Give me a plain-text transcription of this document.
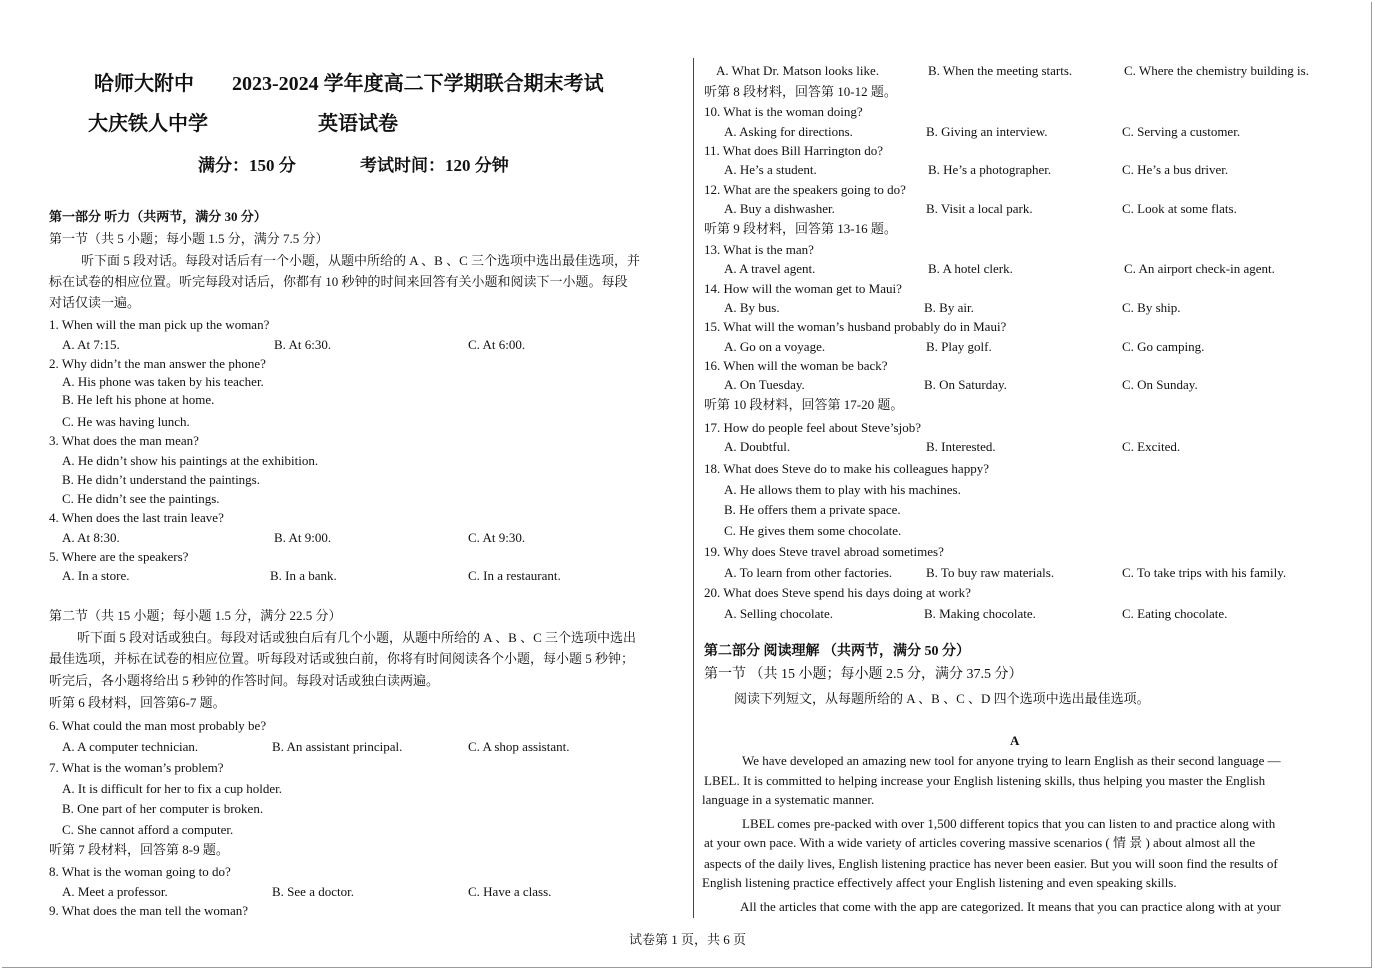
哈师大附中 2023-2024 学年度高二下学期联合期末考试
大庆铁人中学	英语试卷
满分：150 分	考试时间：120 分钟
第一部分 听力（共两节，满分 30 分）
第一节（共 5 小题；每小题 1.5 分，满分 7.5 分）
听下面 5 段对话。每段对话后有一个小题，从题中所给的 A 、B 、C 三个选项中选出最佳选项，并
标在试卷的相应位置。听完每段对话后，你都有 10 秒钟的时间来回答有关小题和阅读下一小题。每段
对话仅读一遍。
1. When will the man pick up the woman?
A. At 7:15.	B. At 6:30.	C. At 6:00.
2. Why didn’t the man answer the phone?
A. His phone was taken by his teacher.
B. He left his phone at home.
C. He was having lunch.
3. What does the man mean?
A. He didn’t show his paintings at the exhibition.
B. He didn’t understand the paintings.
C. He didn’t see the paintings.
4. When does the last train leave?
A. At 8:30.	B. At 9:00.	C. At 9:30.
5. Where are the speakers?
A. In a store.	B. In a bank.	C. In a restaurant.
第二节（共 15 小题；每小题 1.5 分，满分 22.5 分）
听下面 5 段对话或独白。每段对话或独白后有几个小题，从题中所给的 A 、B 、C 三个选项中选出
最佳选项，并标在试卷的相应位置。听每段对话或独白前，你将有时间阅读各个小题，每小题 5 秒钟；
听完后，各小题将给出 5 秒钟的作答时间。每段对话或独白读两遍。
听第 6 段材料，回答第6-7 题。
6. What could the man most probably be?
A. A computer technician.	B. An assistant principal.	C. A shop assistant.
7. What is the woman’s problem?
A. It is difficult for her to fix a cup holder.
B. One part of her computer is broken.
C. She cannot afford a computer.
听第 7 段材料，回答第 8-9 题。
8. What is the woman going to do?
A. Meet a professor.	B. See a doctor.	C. Have a class.
9. What does the man tell the woman?
A. What Dr. Matson looks like.	B. When the meeting starts.	C. Where the chemistry building is.
听第 8 段材料，回答第 10-12 题。
10. What is the woman doing?
A. Asking for directions.	B. Giving an interview.	C. Serving a customer.
11. What does Bill Harrington do?
A. He’s a student.	B. He’s a photographer.	C. He’s a bus driver.
12. What are the speakers going to do?
A. Buy a dishwasher.	B. Visit a local park.	C. Look at some flats.
听第 9 段材料，回答第 13-16 题。
13. What is the man?
A. A travel agent.	B. A hotel clerk.	C. An airport check-in agent.
14. How will the woman get to Maui?
A. By bus.	B. By air.	C. By ship.
15. What will the woman’s husband probably do in Maui?
A. Go on a voyage.	B. Play golf.	C. Go camping.
16. When will the woman be back?
A. On Tuesday.	B. On Saturday.	C. On Sunday.
听第 10 段材料，回答第 17-20 题。
17. How do people feel about Steve’sjob?
A. Doubtful.	B. Interested.	C. Excited.
18. What does Steve do to make his colleagues happy?
A. He allows them to play with his machines.
B. He offers them a private space.
C. He gives them some chocolate.
19. Why does Steve travel abroad sometimes?
A. To learn from other factories.	B. To buy raw materials.	C. To take trips with his family.
20. What does Steve spend his days doing at work?
A. Selling chocolate.	B. Making chocolate.	C. Eating chocolate.
第二部分 阅读理解 （共两节，满分 50 分）
第一节 （共 15 小题；每小题 2.5 分，满分 37.5 分）
阅读下列短文，从每题所给的 A 、B 、C 、D 四个选项中选出最佳选项。
A
We have developed an amazing new tool for anyone trying to learn English as their second language —
LBEL. It is committed to helping increase your English listening skills, thus helping you master the English
language in a systematic manner.
LBEL comes pre-packed with over 1,500 different topics that you can listen to and practice along with
at your own pace. With a wide variety of articles covering massive scenarios ( 情 景 ) about almost all the
aspects of the daily lives, English listening practice has never been easier. But you will soon find the results of
English listening practice effectively affect your English listening and even speaking skills.
All the articles that come with the app are categorized. It means that you can practice along with at your
试卷第 1 页，共 6 页
